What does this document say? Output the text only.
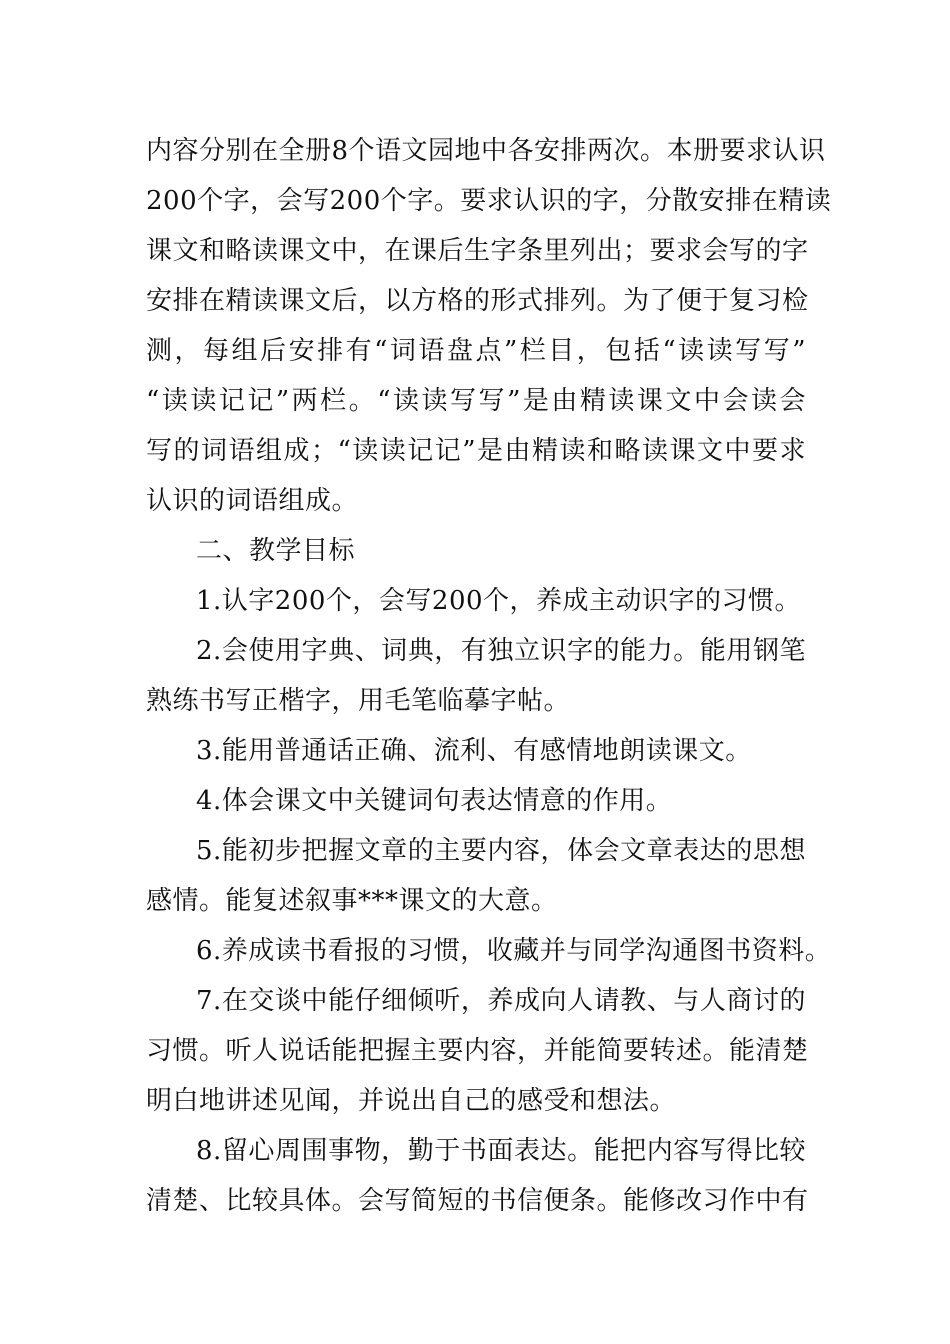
内容分别在全册8个语文园地中各安排两次。本册要求认识
200个字，会写200个字。要求认识的字，分散安排在精读
课文和略读课文中，在课后生字条里列出；要求会写的字
安排在精读课文后，以方格的形式排列。为了便于复习检
测，每组后安排有“词语盘点”栏目，包括“读读写写”
“读读记记”两栏。“读读写写”是由精读课文中会读会
写的词语组成；“读读记记”是由精读和略读课文中要求
认识的词语组成。
二、教学目标
1.认字200个，会写200个，养成主动识字的习惯。
2.会使用字典、词典，有独立识字的能力。能用钢笔
熟练书写正楷字，用毛笔临摹字帖。
3.能用普通话正确、流利、有感情地朗读课文。
4.体会课文中关键词句表达情意的作用。
5.能初步把握文章的主要内容，体会文章表达的思想
感情。能复述叙事***课文的大意。
6.养成读书看报的习惯，收藏并与同学沟通图书资料。
7.在交谈中能仔细倾听，养成向人请教、与人商讨的
习惯。听人说话能把握主要内容，并能简要转述。能清楚
明白地讲述见闻，并说出自己的感受和想法。
8.留心周围事物，勤于书面表达。能把内容写得比较
清楚、比较具体。会写简短的书信便条。能修改习作中有
